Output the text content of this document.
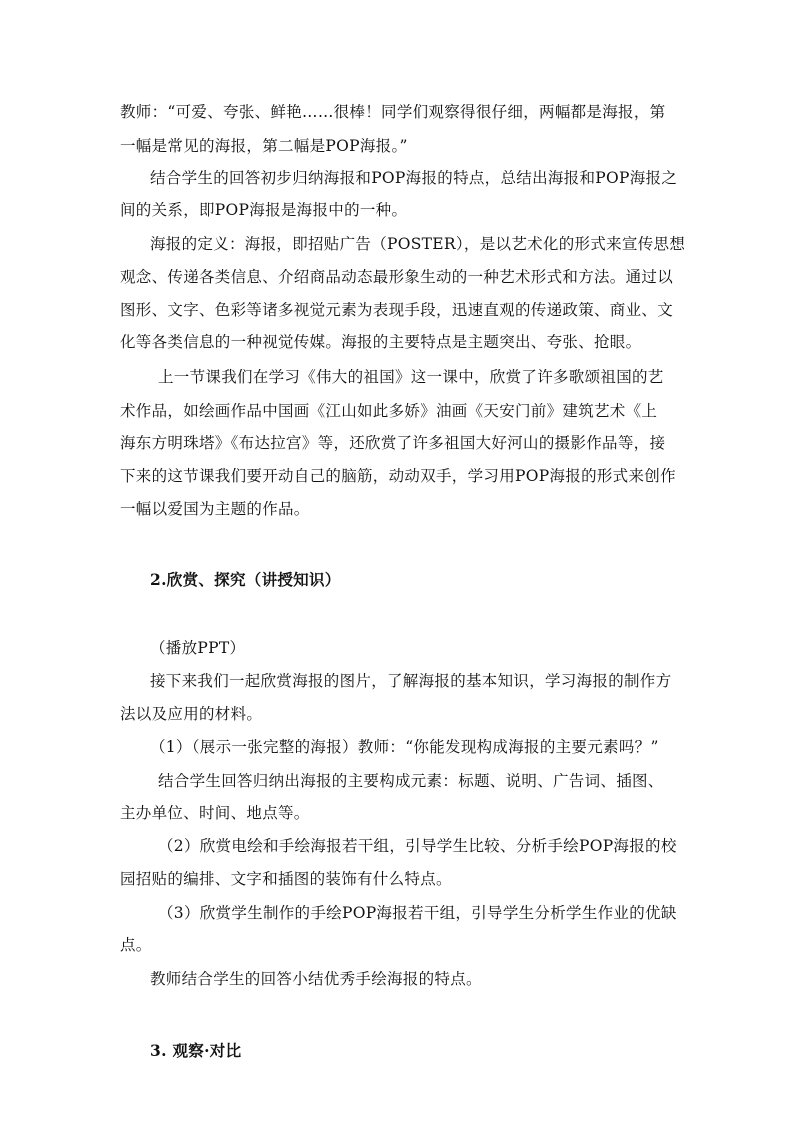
教师：“可爱、夸张、鲜艳……很棒！同学们观察得很仔细，两幅都是海报，第
一幅是常见的海报，第二幅是POP海报。”
结合学生的回答初步归纳海报和POP海报的特点，总结出海报和POP海报之
间的关系，即POP海报是海报中的一种。
海报的定义：海报，即招贴广告（POSTER），是以艺术化的形式来宣传思想
观念、传递各类信息、介绍商品动态最形象生动的一种艺术形式和方法。通过以
图形、文字、色彩等诸多视觉元素为表现手段，迅速直观的传递政策、商业、文
化等各类信息的一种视觉传媒。海报的主要特点是主题突出、夸张、抢眼。
上一节课我们在学习《伟大的祖国》这一课中，欣赏了许多歌颂祖国的艺
术作品，如绘画作品中国画《江山如此多娇》油画《天安门前》建筑艺术《上
海东方明珠塔》《布达拉宫》等，还欣赏了许多祖国大好河山的摄影作品等，接
下来的这节课我们要开动自己的脑筋，动动双手，学习用POP海报的形式来创作
一幅以爱国为主题的作品。
2.欣赏、探究（讲授知识）
（播放PPT）
接下来我们一起欣赏海报的图片，了解海报的基本知识，学习海报的制作方
法以及应用的材料。
（1）（展示一张完整的海报）教师：“你能发现构成海报的主要元素吗？”
结合学生回答归纳出海报的主要构成元素：标题、说明、广告词、插图、
主办单位、时间、地点等。
（2）欣赏电绘和手绘海报若干组，引导学生比较、分析手绘POP海报的校
园招贴的编排、文字和插图的装饰有什么特点。
（3）欣赏学生制作的手绘POP海报若干组，引导学生分析学生作业的优缺
点。
教师结合学生的回答小结优秀手绘海报的特点。
3. 观察·对比
